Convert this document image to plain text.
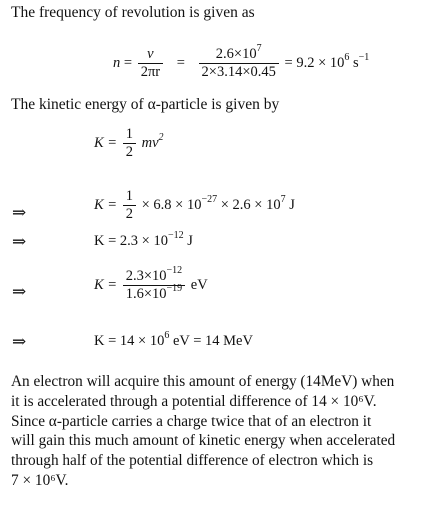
The frequency of revolution is given as
$n = \frac{v}{2\pi r} = \frac{2.6\times 10^7}{2\times 3.14\times 0.45} = 9.2 \times 10^6$ $s^{-1}$
The kinetic energy of α-particle is given by
$K = \frac{1}{2} mv^2$
⇒	$K = \frac{1}{2} \times 6.8 \times 10^{-27} \times 2.6 \times 10^7$ J
⇒	$K = 2.3 \times 10^{-12}$ J
⇒	$K = \frac{2.3\times 10^{-12}}{1.6\times 10^{-19}}$ eV
⇒	$K = 14 \times 10^6$ eV = 14 MeV
An electron will acquire this amount of energy (14MeV) when
it is accelerated through a potential difference of 14 × 10⁶V.
Since α-particle carries a charge twice that of an electron it
will gain this much amount of kinetic energy when accelerated
through half of the potential difference of electron which is
7 × 10⁶V.
